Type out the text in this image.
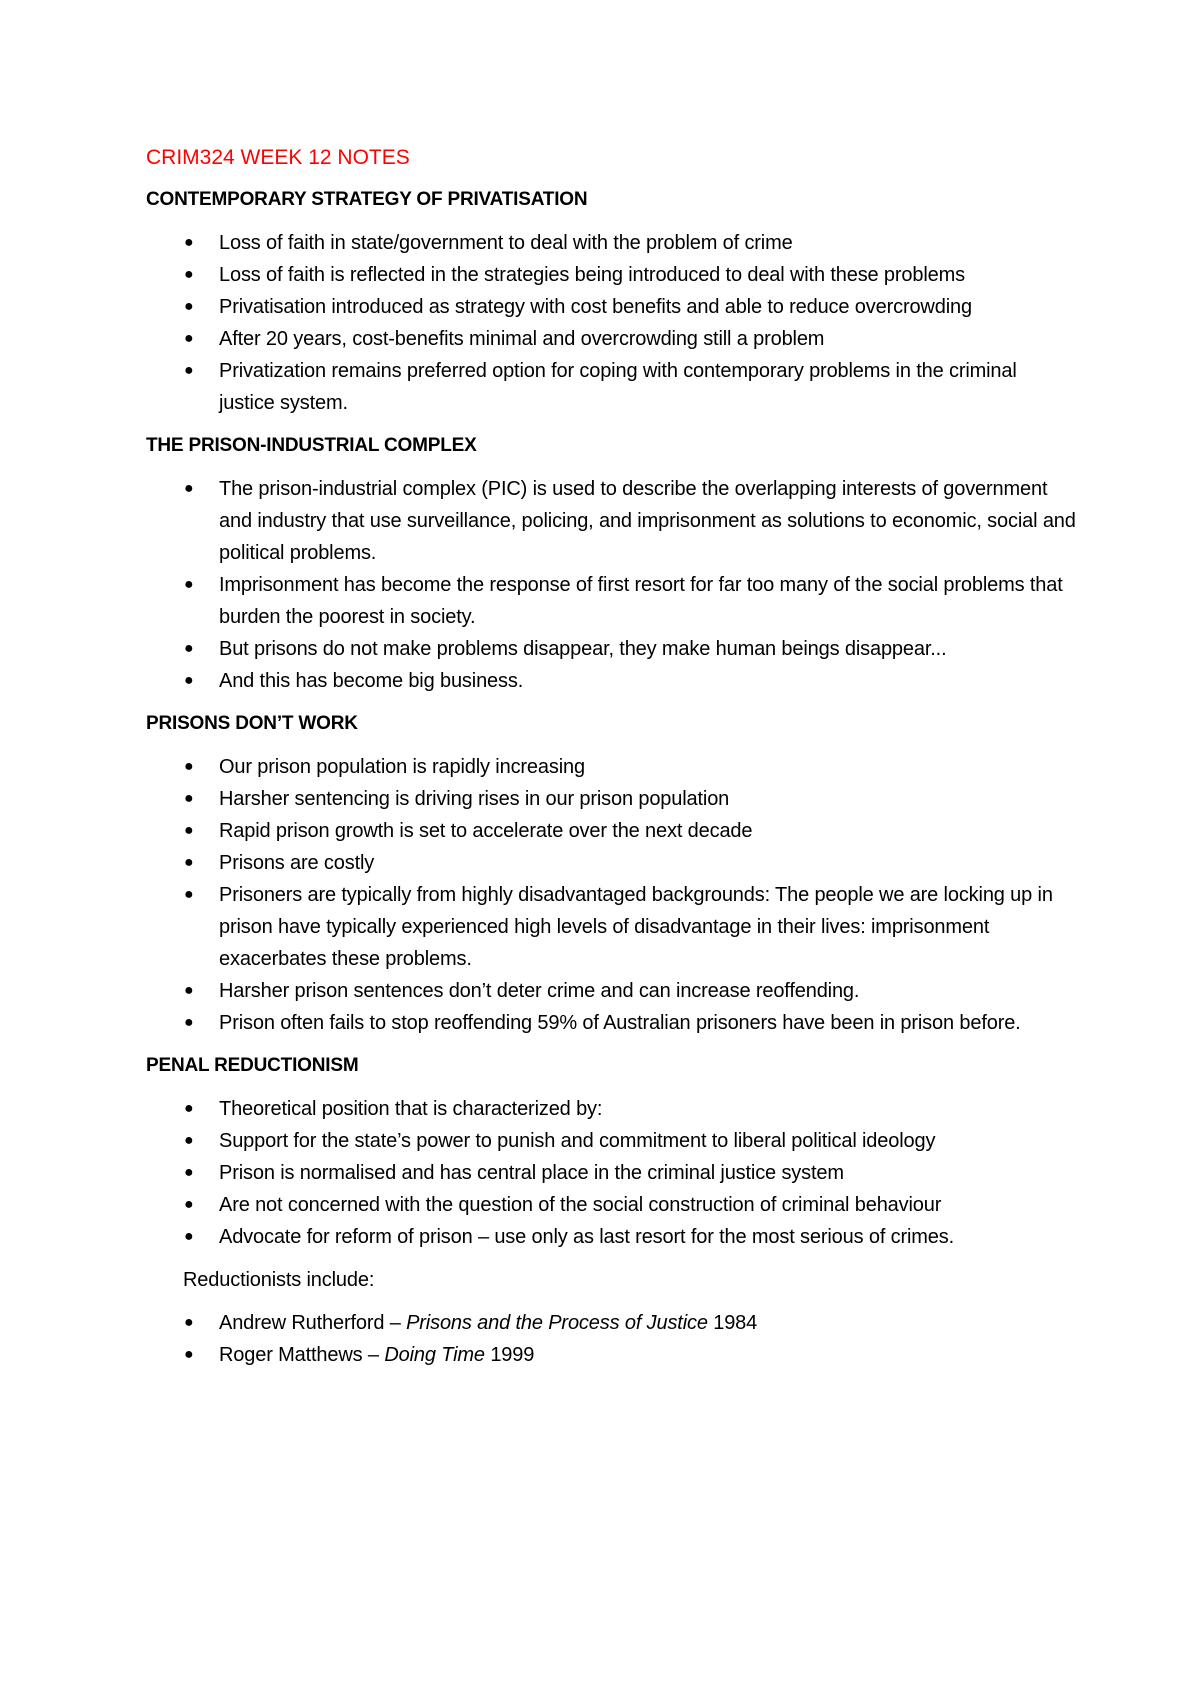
CRIM324 WEEK 12 NOTES
CONTEMPORARY STRATEGY OF PRIVATISATION
● Loss of faith in state/government to deal with the problem of crime
● Loss of faith is reflected in the strategies being introduced to deal with these problems
● Privatisation introduced as strategy with cost benefits and able to reduce overcrowding
● After 20 years, cost-benefits minimal and overcrowding still a problem
● Privatization remains preferred option for coping with contemporary problems in the criminal justice system.
THE PRISON-INDUSTRIAL COMPLEX
● The prison-industrial complex (PIC) is used to describe the overlapping interests of government and industry that use surveillance, policing, and imprisonment as solutions to economic, social and political problems.
● Imprisonment has become the response of first resort for far too many of the social problems that burden the poorest in society.
● But prisons do not make problems disappear, they make human beings disappear...
● And this has become big business.
PRISONS DON’T WORK
● Our prison population is rapidly increasing
● Harsher sentencing is driving rises in our prison population
● Rapid prison growth is set to accelerate over the next decade
● Prisons are costly
● Prisoners are typically from highly disadvantaged backgrounds: The people we are locking up in prison have typically experienced high levels of disadvantage in their lives: imprisonment exacerbates these problems.
● Harsher prison sentences don’t deter crime and can increase reoffending.
● Prison often fails to stop reoffending 59% of Australian prisoners have been in prison before.
PENAL REDUCTIONISM
● Theoretical position that is characterized by:
● Support for the state’s power to punish and commitment to liberal political ideology
● Prison is normalised and has central place in the criminal justice system
● Are not concerned with the question of the social construction of criminal behaviour
● Advocate for reform of prison – use only as last resort for the most serious of crimes.
Reductionists include:
● Andrew Rutherford – Prisons and the Process of Justice 1984
● Roger Matthews – Doing Time 1999
